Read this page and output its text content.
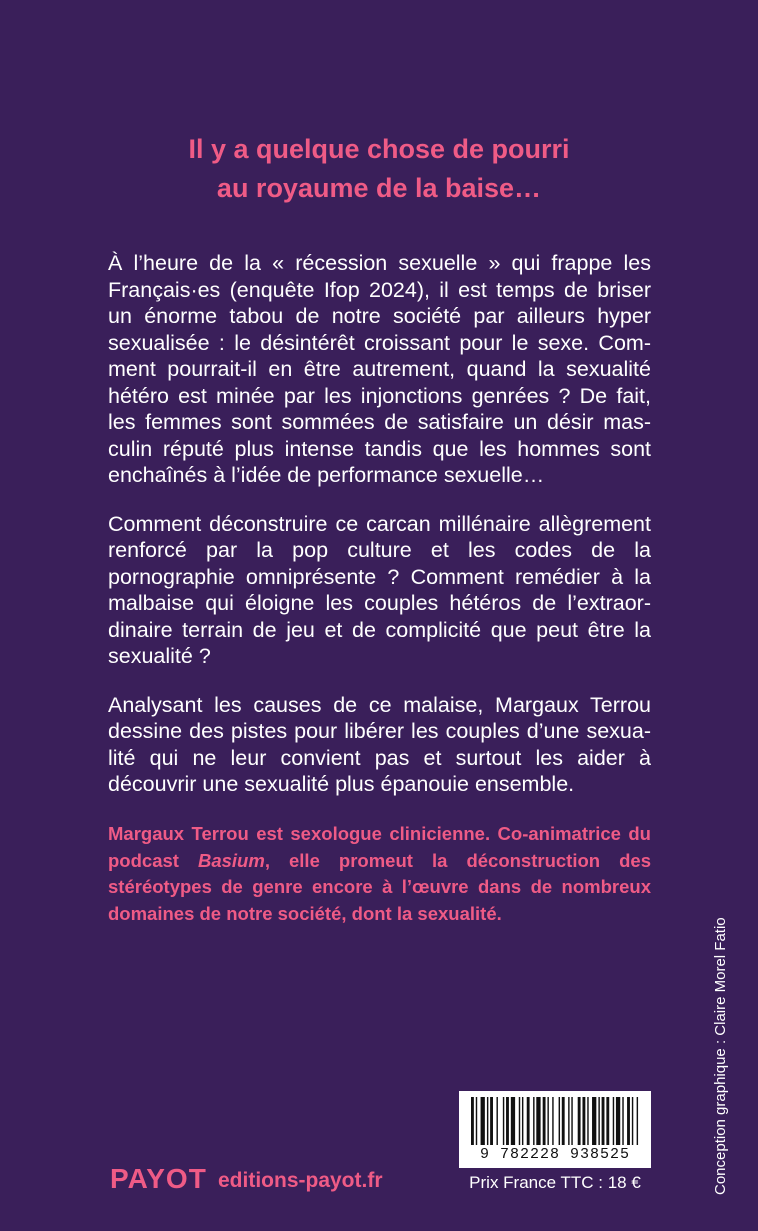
Il y a quelque chose de pourri
au royaume de la baise…

À l’heure de la « récession sexuelle » qui frappe les Français·es (enquête Ifop 2024), il est temps de briser un énorme tabou de notre société par ailleurs hyper sexualisée : le désintérêt croissant pour le sexe. Comment pourrait-il en être autrement, quand la sexualité hétéro est minée par les injonctions genrées ? De fait, les femmes sont sommées de satisfaire un désir masculin réputé plus intense tandis que les hommes sont enchaînés à l’idée de performance sexuelle…

Comment déconstruire ce carcan millénaire allègrement renforcé par la pop culture et les codes de la pornographie omniprésente ? Comment remédier à la malbaise qui éloigne les couples hétéros de l’extraordinaire terrain de jeu et de complicité que peut être la sexualité ?

Analysant les causes de ce malaise, Margaux Terrou dessine des pistes pour libérer les couples d’une sexualité qui ne leur convient pas et surtout les aider à découvrir une sexualité plus épanouie ensemble.

Margaux Terrou est sexologue clinicienne. Co-animatrice du podcast Basium, elle promeut la déconstruction des stéréotypes de genre encore à l’œuvre dans de nombreux domaines de notre société, dont la sexualité.
Conception graphique : Claire Morel Fatio
PAYOT editions-payot.fr
9 782228 938525
Prix France TTC : 18 €
